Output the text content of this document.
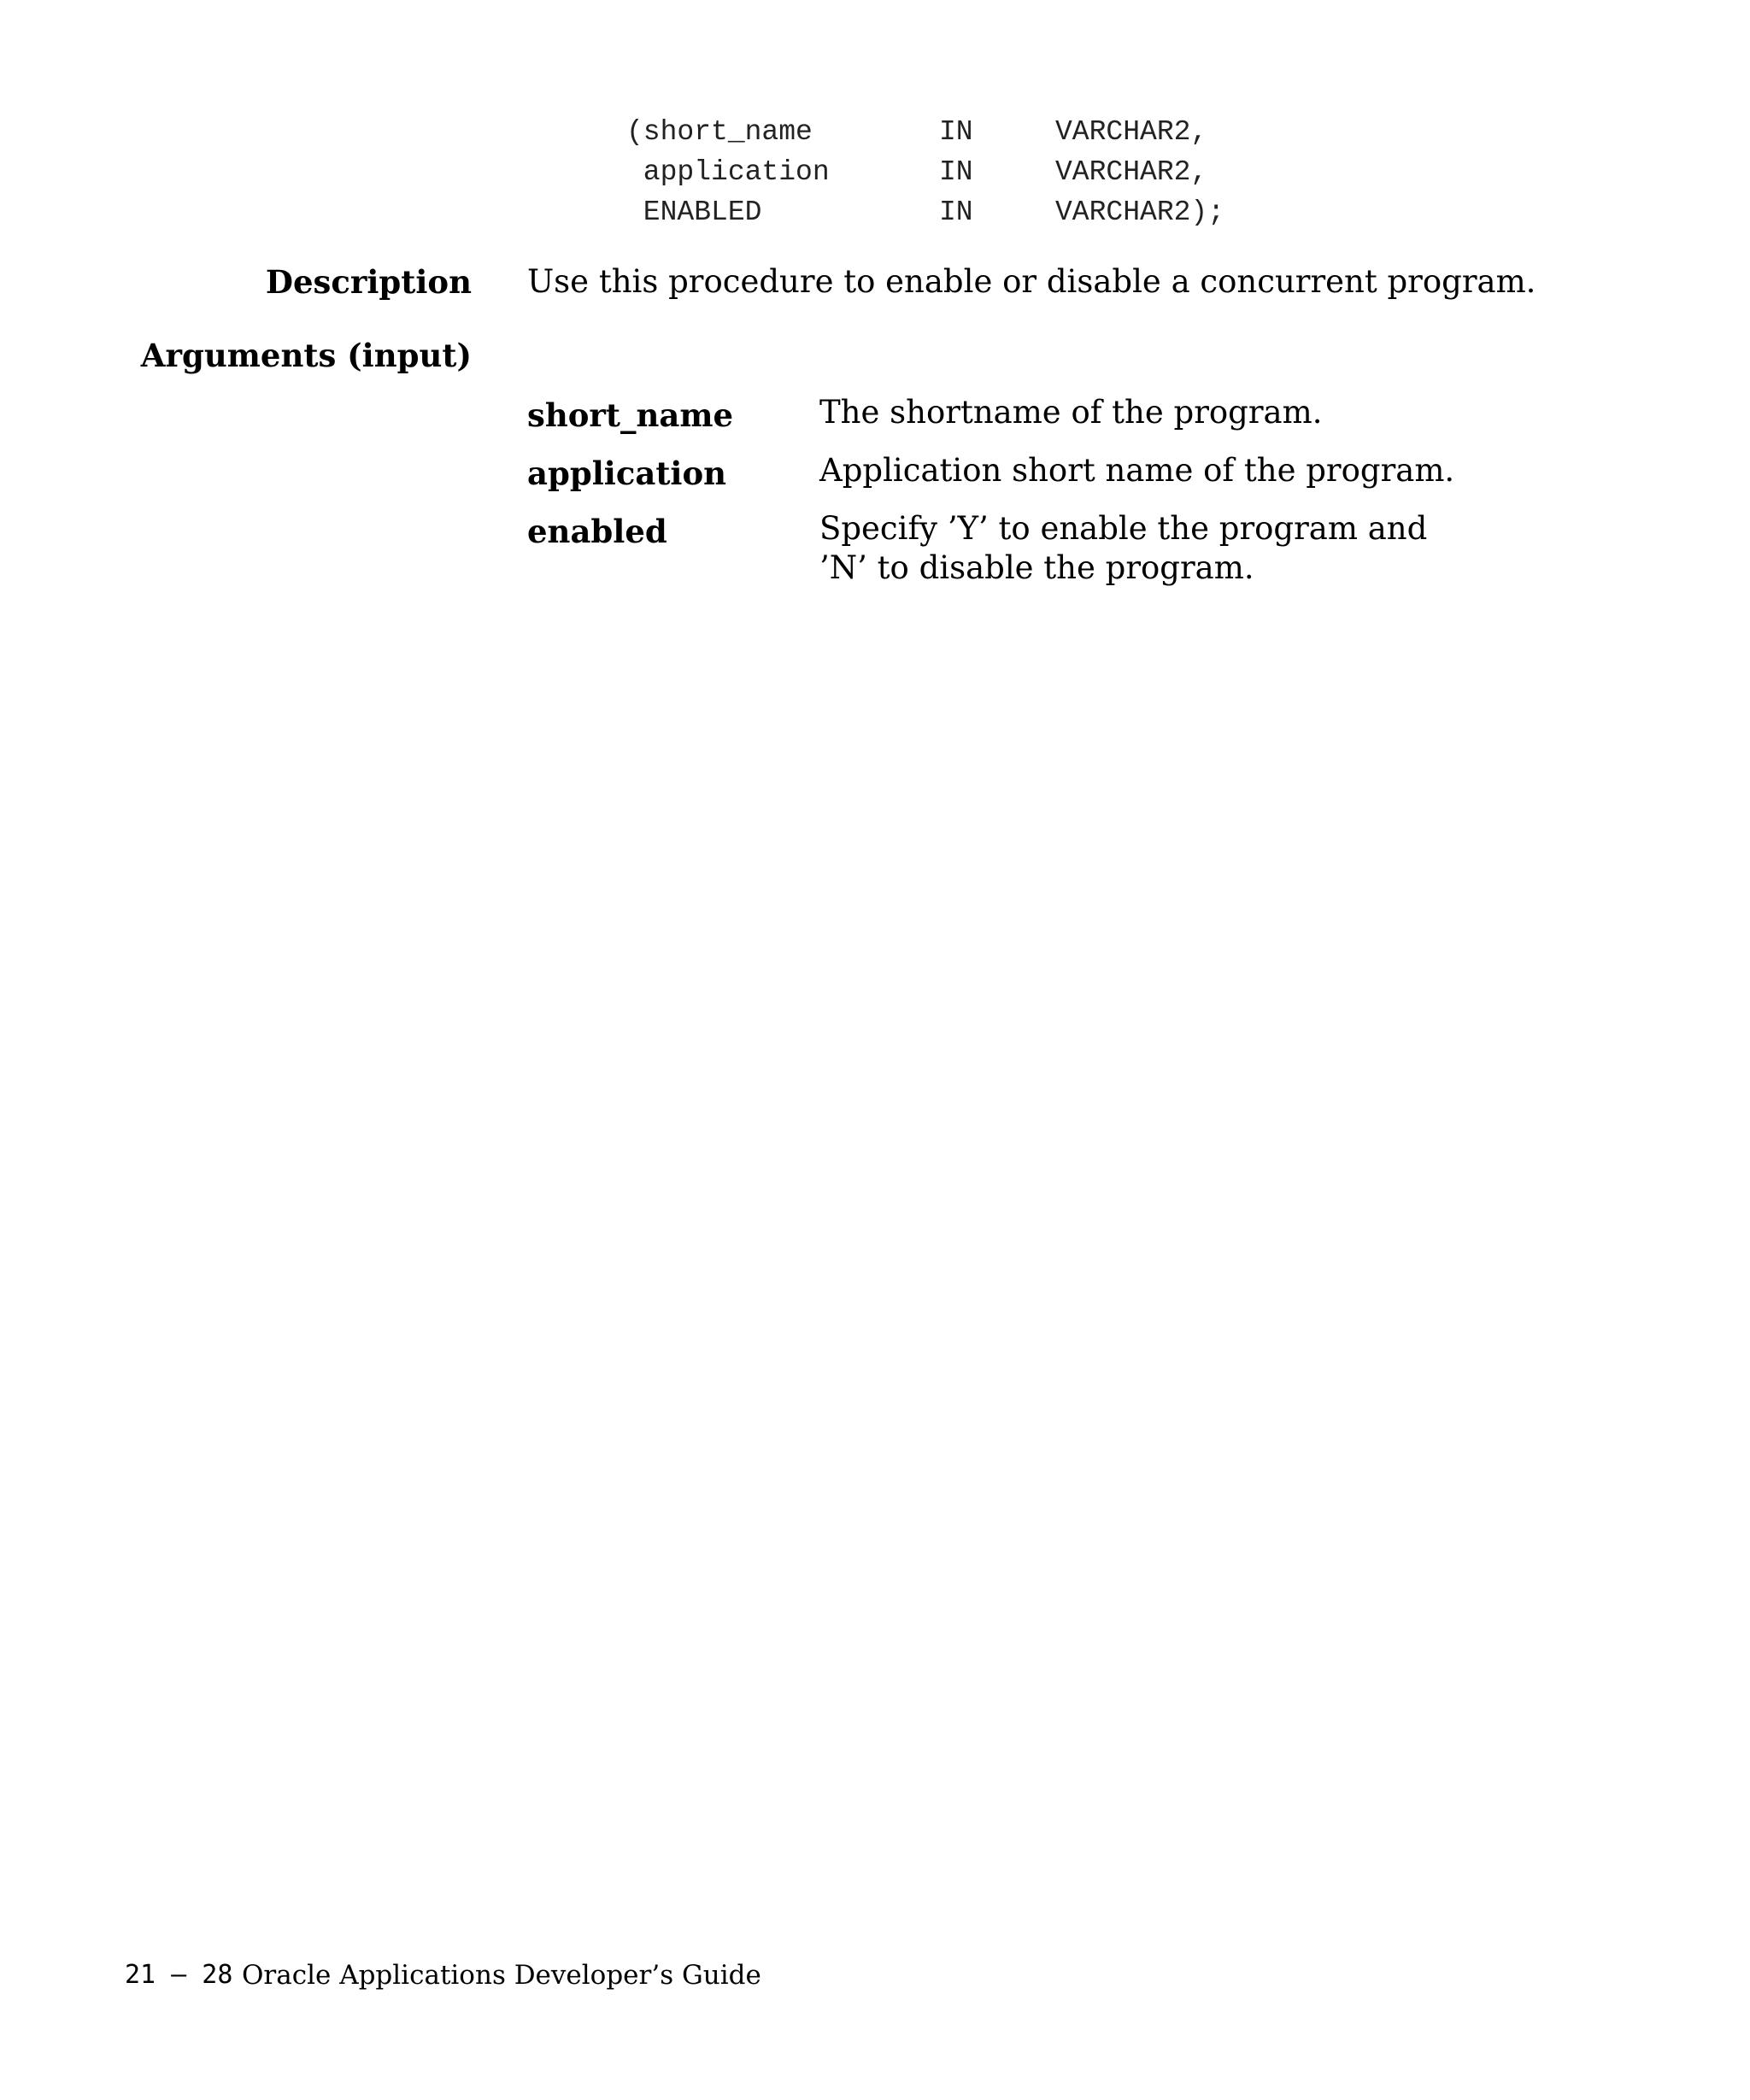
(short_name	IN	VARCHAR2,
application	IN	VARCHAR2,
ENABLED	IN	VARCHAR2);
Description Use this procedure to enable or disable a concurrent program.
Arguments (input)
short_name	The shortname of the program.
application	Application short name of the program.
enabled	Specify ’Y’ to enable the program and ’N’ to disable the program.
21 – 28 Oracle Applications Developer’s Guide
